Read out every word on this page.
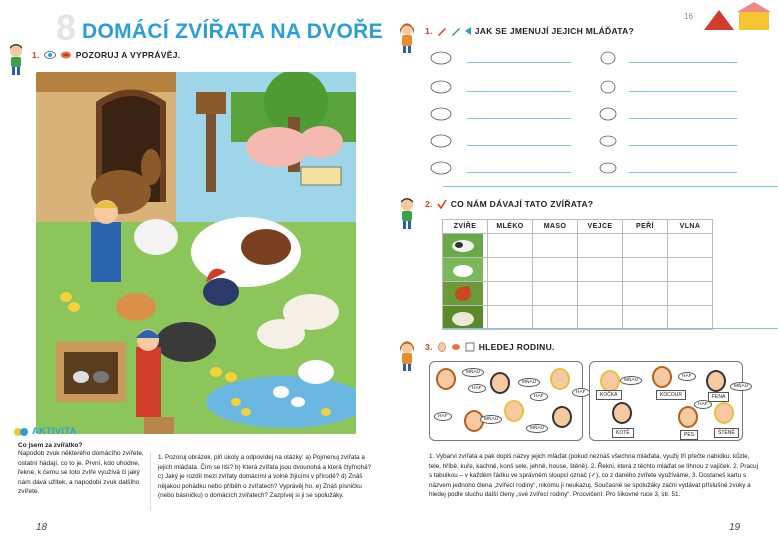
8 DOMÁCÍ ZVÍŘATA NA DVOŘE
1.	POZORUJ A VYPRÁVĚJ.
AKTIVITA
Co jsem za zvířátko?
Napodob zvuk některého domácího zvířete, ostatní hádají, co to je. První, kdo uhodne, řekne, k čemu se toto zvíře využívá či jaký nám dává užitek, a napodobí zvuk dalšího zvířete.
1. Pozoruj obrázek, plň úkoly a odpovídej na otázky: a) Pojmenuj zvířata a jejich mláďata. Čím se liší? b) Která zvířata jsou dvounohá a která čtyřnohá? c) Jaký je rozdíl mezi zvířaty domácími a volně žijícími v přírodě? d) Znáš nějakou pohádku nebo příběh o zvířatech? Vyprávěj ho. e) Znáš písničku (nebo básničku) o domácích zvířatech? Zazpívej si ji se spolužáky.
18
16
1.	JAK SE JMENUJÍ JEJICH MLÁĎATA?
2. CO NÁM DÁVAJÍ TATO ZVÍŘATA?
ZVÍŘE	MLÉKO	MASO	VEJCE	PEŘÍ	VLNA

3.	HLEDEJ RODINU.
MŇAU
HAF
MŇAU
HAF
MŇAU
HAF
MŇAU
HAF
MŇAU
HAF
MŇAU
HAF
KOČKA	KOCOUR	FENA
KOTĚ	PES	ŠTĚNĚ
1. Vybarvi zvířata a pak dopiš názvy jejich mláďat (pokud neznáš všechna mláďata, využij tří přečte nabídku: kůzle, tele, hříbě, kuře, kachně, konš sele, jehně, house, štěně). 2. Řekni, která z těchto mláďat se líhnou z vajíček. 2. Pracuj s tabulkou – v každém řádku ve správném sloupci označ (✓), co z daného zvířete využíváme. 3. Dostaneš kartu s názvem jednoho člena „zvířecí rodiny“, nikomu ji neukazuj. Současně se spolužáky začni vydávat příslušné zvuky a hledej podle sluchu další členy „své zvířecí rodiny“. Procvičení: Pro šikovné ruce 3, str. 51.
19
